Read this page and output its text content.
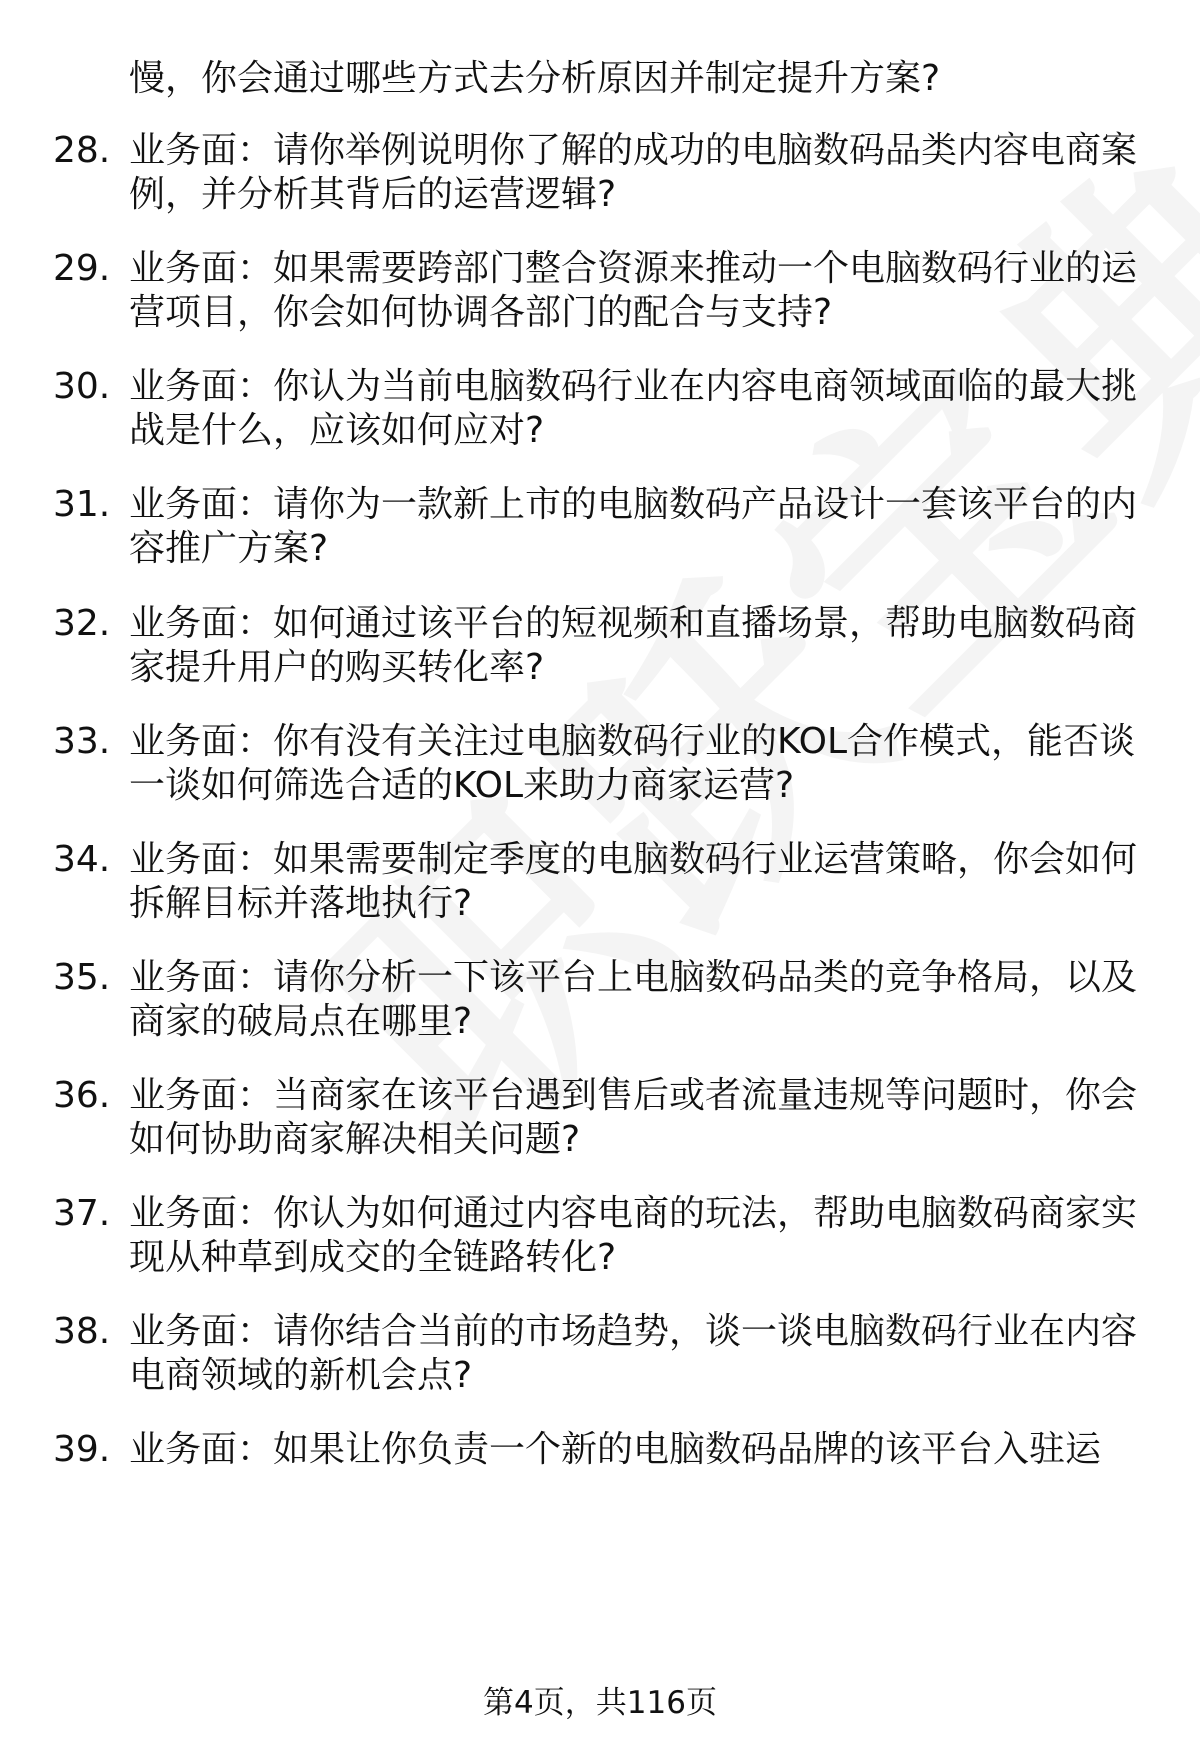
慢，你会通过哪些方式去分析原因并制定提升方案?
28. 业务面：请你举例说明你了解的成功的电脑数码品类内容电商案
例，并分析其背后的运营逻辑?
29. 业务面：如果需要跨部门整合资源来推动一个电脑数码行业的运
营项目，你会如何协调各部门的配合与支持?
30. 业务面：你认为当前电脑数码行业在内容电商领域面临的最大挑
战是什么，应该如何应对?
31. 业务面：请你为一款新上市的电脑数码产品设计一套该平台的内
容推广方案?
32. 业务面：如何通过该平台的短视频和直播场景，帮助电脑数码商
家提升用户的购买转化率?
33. 业务面：你有没有关注过电脑数码行业的KOL合作模式，能否谈
一谈如何筛选合适的KOL来助力商家运营?
34. 业务面：如果需要制定季度的电脑数码行业运营策略，你会如何
拆解目标并落地执行?
35. 业务面：请你分析一下该平台上电脑数码品类的竞争格局，以及
商家的破局点在哪里?
36. 业务面：当商家在该平台遇到售后或者流量违规等问题时，你会
如何协助商家解决相关问题?
37. 业务面：你认为如何通过内容电商的玩法，帮助电脑数码商家实
现从种草到成交的全链路转化?
38. 业务面：请你结合当前的市场趋势，谈一谈电脑数码行业在内容
电商领域的新机会点?
39. 业务面：如果让你负责一个新的电脑数码品牌的该平台入驻运
第4页，共116页
